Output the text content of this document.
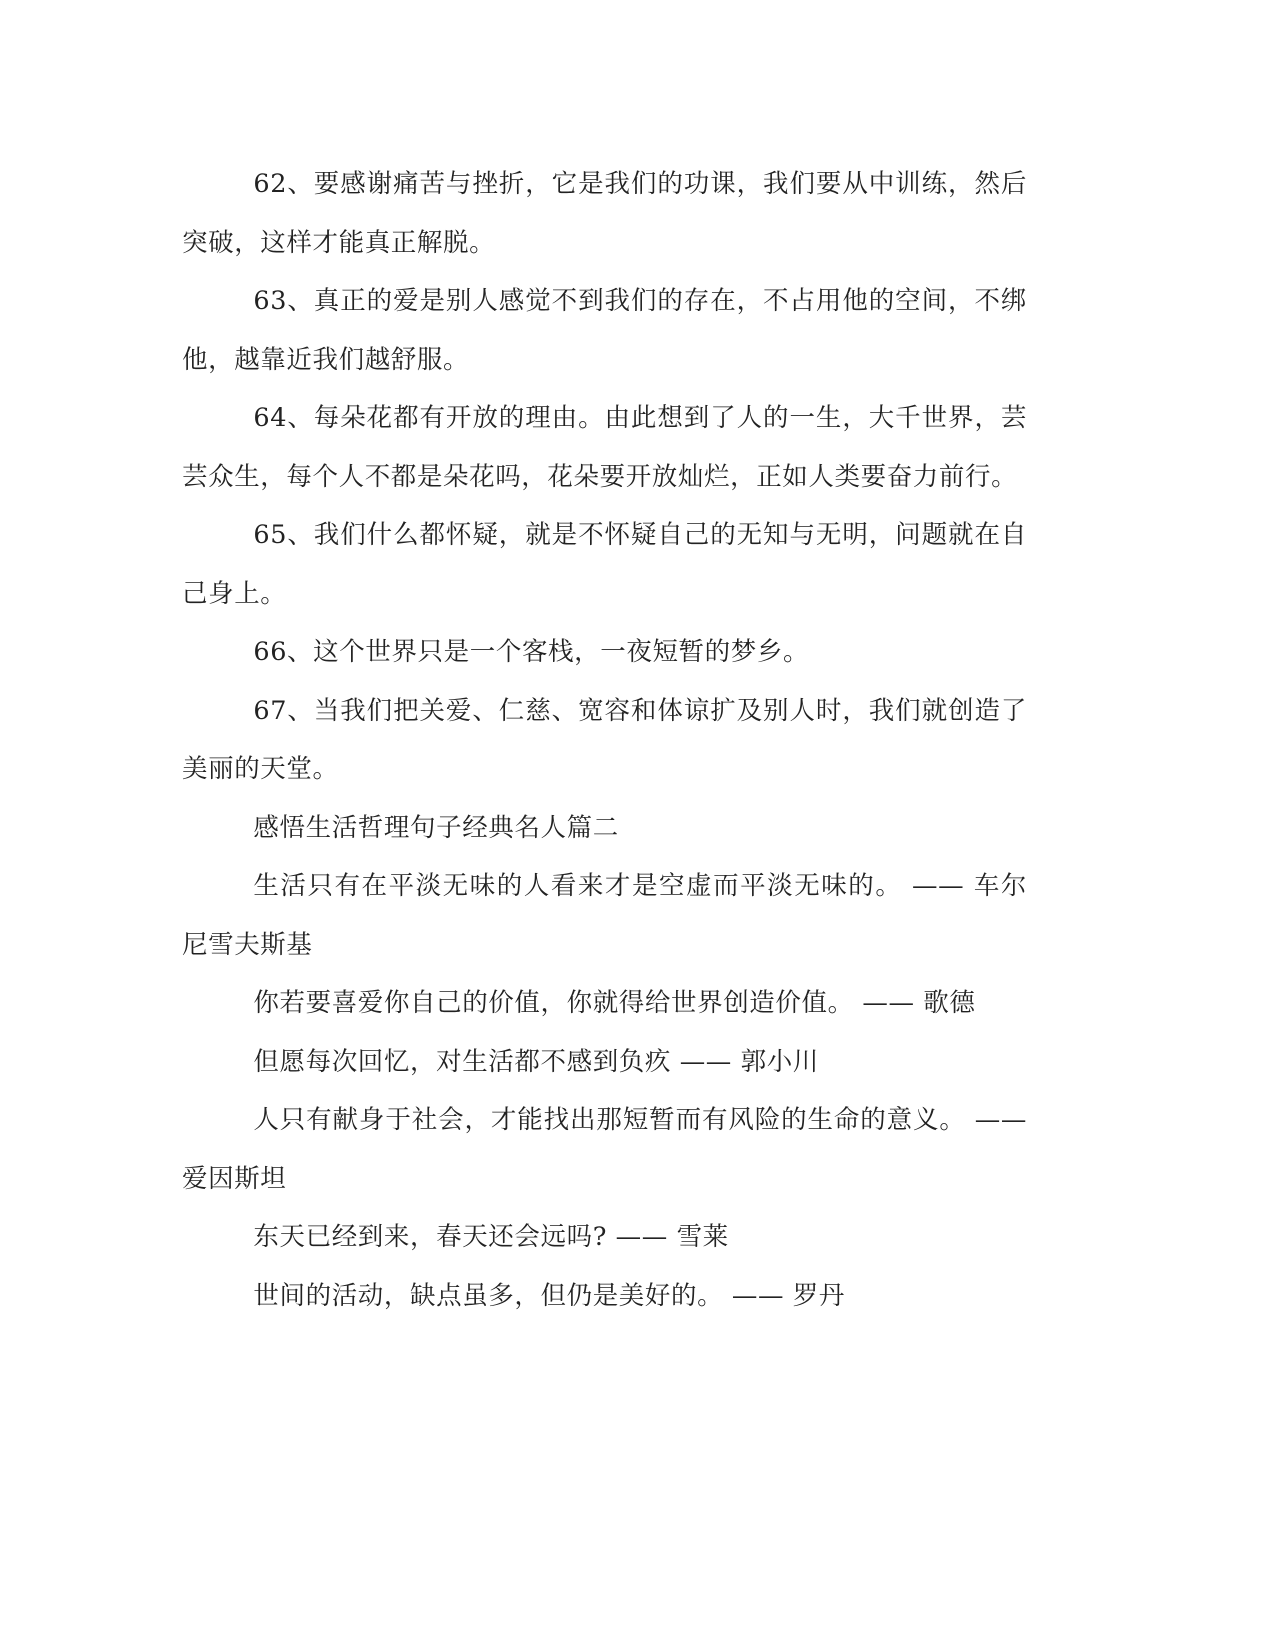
62、要感谢痛苦与挫折，它是我们的功课，我们要从中训练，然后突破，这样才能真正解脱。

63、真正的爱是别人感觉不到我们的存在，不占用他的空间，不绑他，越靠近我们越舒服。

64、每朵花都有开放的理由。由此想到了人的一生，大千世界，芸芸众生，每个人不都是朵花吗，花朵要开放灿烂，正如人类要奋力前行。

65、我们什么都怀疑，就是不怀疑自己的无知与无明，问题就在自己身上。

66、这个世界只是一个客栈，一夜短暂的梦乡。

67、当我们把关爱、仁慈、宽容和体谅扩及别人时，我们就创造了美丽的天堂。

感悟生活哲理句子经典名人篇二

生活只有在平淡无味的人看来才是空虚而平淡无味的。 —— 车尔尼雪夫斯基

你若要喜爱你自己的价值，你就得给世界创造价值。 —— 歌德

但愿每次回忆，对生活都不感到负疚 —— 郭小川

人只有献身于社会，才能找出那短暂而有风险的生命的意义。 —— 爱因斯坦

东天已经到来，春天还会远吗? —— 雪莱

世间的活动，缺点虽多，但仍是美好的。 —— 罗丹
